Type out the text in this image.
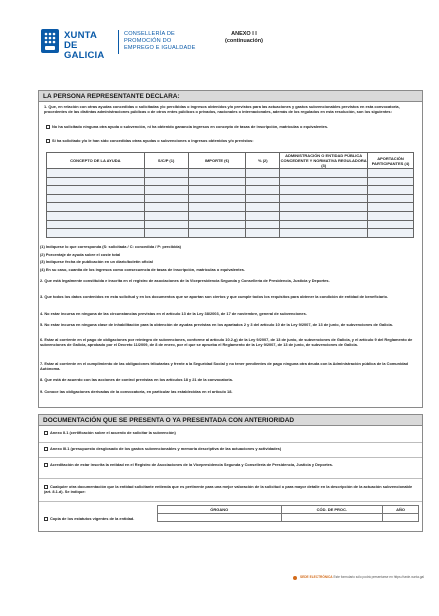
XUNTA
DE GALICIA
CONSELLERÍA DE
PROMOCIÓN DO
EMPREGO E IGUALDADE
ANEXO I I
(continuación)
LA PERSONA REPRESENTANTE DECLARA:
1. Que, en relación con otras ayudas concedidas o solicitadas y/o percibidas o ingresos obtenidos y/o previstos para las actuaciones y gastos subvencionables previstos en esta convocatoria, procedentes de las distintas administraciones públicas o de otros entes públicos o privados, nacionales o internacionales, además de los regulados en esta resolución, son los siguientes:
No ha solicitado ninguna otra ayuda o subvención, ni ha obtenido ganancia ingresos en concepto de tasas de inscripción, matrículas o equivalentes.
Sí ha solicitado y/o le han sido concedidas otras ayudas o subvenciones o ingresos obtenidos y/o previstos:
CONCEPTO DE LA AYUDA	S/C/P (1)	IMPORTE (€)	% (2)	ADMINISTRACIÓN O ENTIDAD PÚBLICA CONCEDENTE Y NORMATIVA REGULADORA (3)	APORTACIÓN PARTICIPANTES (4)

(1) Indíquese lo que corresponda (S: solicitada / C: concedida / P: percibida)
(2) Porcentaje de ayuda sobre el coste total
(3) Indíquese fecha de publicación en un diario/boletín oficial
(4) En su caso, cuantía de los ingresos como consecuencia de tasas de inscripción, matrículas o equivalentes.
2. Que está legalmente constituida e inscrita en el registro de asociaciones de la Vicepresidencia Segunda y Consellería de Presidencia, Justicia y Deportes.
3. Que todos los datos contenidos en esta solicitud y en los documentos que se aportan son ciertos y que cumple todos los requisitos para obtener la condición de entidad de beneficiario.
4. No estar incursa en ninguna de las circunstancias previstas en el artículo 13 de la Ley 38/2003, de 17 de noviembre, general de subvenciones.
5. No estar incursa en ninguna clase de inhabilitación para la obtención de ayudas previstas en los apartados 2 y 3 del artículo 10 de la Ley 9/2007, de 13 de junio, de subvenciones de Galicia.
6. Estar al corriente en el pago de obligaciones por reintegro de subvenciones, conforme al artículo 10.2.g) de la Ley 9/2007, de 13 de junio, de subvenciones de Galicia, y el artículo 9 del Reglamento de subvenciones de Galicia, aprobado por el Decreto 11/2009, de 8 de enero, por el que se aprueba el Reglamento de la Ley 9/2007, de 13 de junio, de subvenciones de Galicia.
7. Estar al corriente en el cumplimiento de las obligaciones tributarias y frente a la Seguridad Social y no tener pendientes de pago ninguna otra deuda con la Administración pública de la Comunidad Autónoma.
8. Que está de acuerdo con las acciones de control previstas en los artículos 18 y 21 de la convocatoria.
9. Conoce las obligaciones derivadas de la convocatoria, en particular las establecidas en el artículo 18.
DOCUMENTACIÓN QUE SE PRESENTA O YA PRESENTADA CON ANTERIORIDAD
Anexo II.1 (certificación sobre el acuerdo de solicitar la subvención)
Anexo III.1 (presupuesto desglosado de los gastos subvencionables y memoria descriptiva de las actuaciones y actividades)
Acreditación de estar inscrita la entidad en el Registro de Asociaciones de la Vicepresidencia Segunda y Consellería de Presidencia, Justicia y Deportes.
Cualquier otra documentación que la entidad solicitante entienda que es pertinente para una mejor valoración de la solicitud o para mayor detalle en la descripción de la actuación subvencionable (art. 8.1.d). Se indique:
ÓRGANO	CÓD. DE PROC.	AÑO

Copia de los estatutos vigentes de la entidad.
SEDE ELECTRÓNICA Este formulario sólo podrá presentarse en https://sede.xunta.gal
